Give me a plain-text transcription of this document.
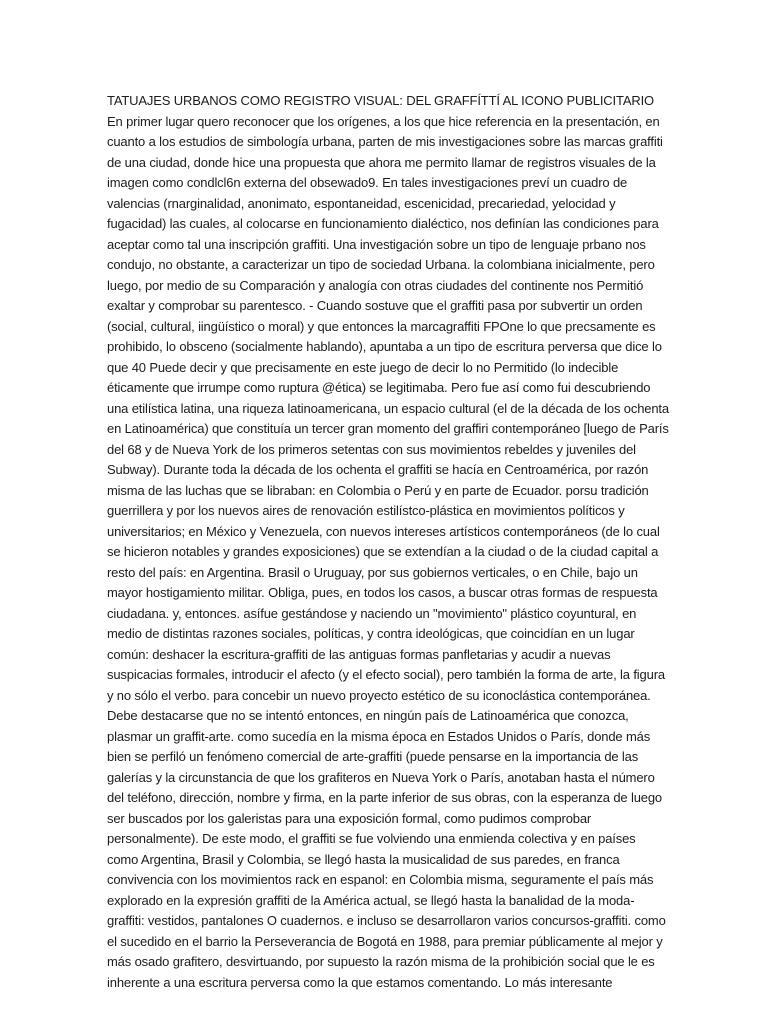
TATUAJES URBANOS COMO REGISTRO VISUAL: DEL GRAFFÍTTÍ AL ICONO PUBLICITARIO En primer lugar quero reconocer que los orígenes, a los que hice referencia en la presentación, en cuanto a los estudios de simbología urbana, parten de mis investigaciones sobre las marcas graffiti de una ciudad, donde hice una propuesta que ahora me permito llamar de registros visuales de la imagen como condlcl6n externa del obsewado9. En tales investigaciones preví un cuadro de valencias (rnarginalidad, anonimato, espontaneidad, escenicidad, precariedad, yelocidad y fugacidad) las cuales, al colocarse en funcionamiento dialéctico, nos definían las condiciones para aceptar como tal una inscripción graffiti. Una investigación sobre un tipo de lenguaje prbano nos condujo, no obstante, a caracterizar un tipo de sociedad Urbana. la colombiana inicialmente, pero luego, por medio de su Comparación y analogía con otras ciudades del continente nos Permitió exaltar y comprobar su parentesco. - Cuando sostuve que el graffiti pasa por subvertir un orden (social, cultural, iingüístico o moral) y que entonces la marcagraffiti FPOne lo que precsamente es prohibido, lo obsceno (socialmente hablando), apuntaba a un tipo de escritura perversa que dice lo que 40 Puede decir y que precisamente en este juego de decir lo no Permitido (lo indecible éticamente que irrumpe como ruptura @ética) se legitimaba. Pero fue así como fui descubriendo una etilística latina, una riqueza latinoamericana, un espacio cultural (el de la década de los ochenta en Latinoamérica) que constituía un tercer gran momento del graffiri contemporáneo [luego de París del 68 y de Nueva York de los primeros setentas con sus movimientos rebeldes y juveniles del Subway). Durante toda la década de los ochenta el graffiti se hacía en Centroamérica, por razón misma de las luchas que se libraban: en Colombia o Perú y en parte de Ecuador. porsu tradición guerrillera y por los nuevos aires de renovación estilístco-plástica en movimientos políticos y universitarios; en México y Venezuela, con nuevos intereses artísticos contemporáneos (de lo cual se hicieron notables y grandes exposiciones) que se extendían a la ciudad o de la ciudad capital a resto del país: en Argentina. Brasil o Uruguay, por sus gobiernos verticales, o en Chile, bajo un mayor hostigamiento militar. Obliga, pues, en todos los casos, a buscar otras formas de respuesta ciudadana. y, entonces. asífue gestándose y naciendo un "movimiento" plástico coyuntural, en medio de distintas razones sociales, políticas, y contra ideológicas, que coincidían en un lugar común: deshacer la escritura-graffiti de las antiguas formas panfletarias y acudir a nuevas suspicacias formales, introducir el afecto (y el efecto social), pero también la forma de arte, la figura y no sólo el verbo. para concebir un nuevo proyecto estético de su iconoclástica contemporánea. Debe destacarse que no se intentó entonces, en ningún país de Latinoamérica que conozca, plasmar un graffit-arte. como sucedía en la misma época en Estados Unidos o París, donde más bien se perfiló un fenómeno comercial de arte-graffiti (puede pensarse en la importancia de las galerías y la circunstancia de que los grafiteros en Nueva York o París, anotaban hasta el número del teléfono, dirección, nombre y firma, en la parte inferior de sus obras, con la esperanza de luego ser buscados por los galeristas para una exposición formal, como pudimos comprobar personalmente). De este modo, el graffiti se fue volviendo una enmienda colectiva y en países como Argentina, Brasil y Colombia, se llegó hasta la musicalidad de sus paredes, en franca convivencia con los movimientos rack en espanol: en Colombia misma, seguramente el país más explorado en la expresión graffiti de la América actual, se llegó hasta la banalidad de la moda-graffiti: vestidos, pantalones O cuadernos. e incluso se desarrollaron varios concursos-graffiti. como el sucedido en el barrio la Perseverancia de Bogotá en 1988, para premiar públicamente al mejor y más osado grafitero, desvirtuando, por supuesto la razón misma de la prohibición social que le es inherente a una escritura perversa como la que estamos comentando. Lo más interesante
